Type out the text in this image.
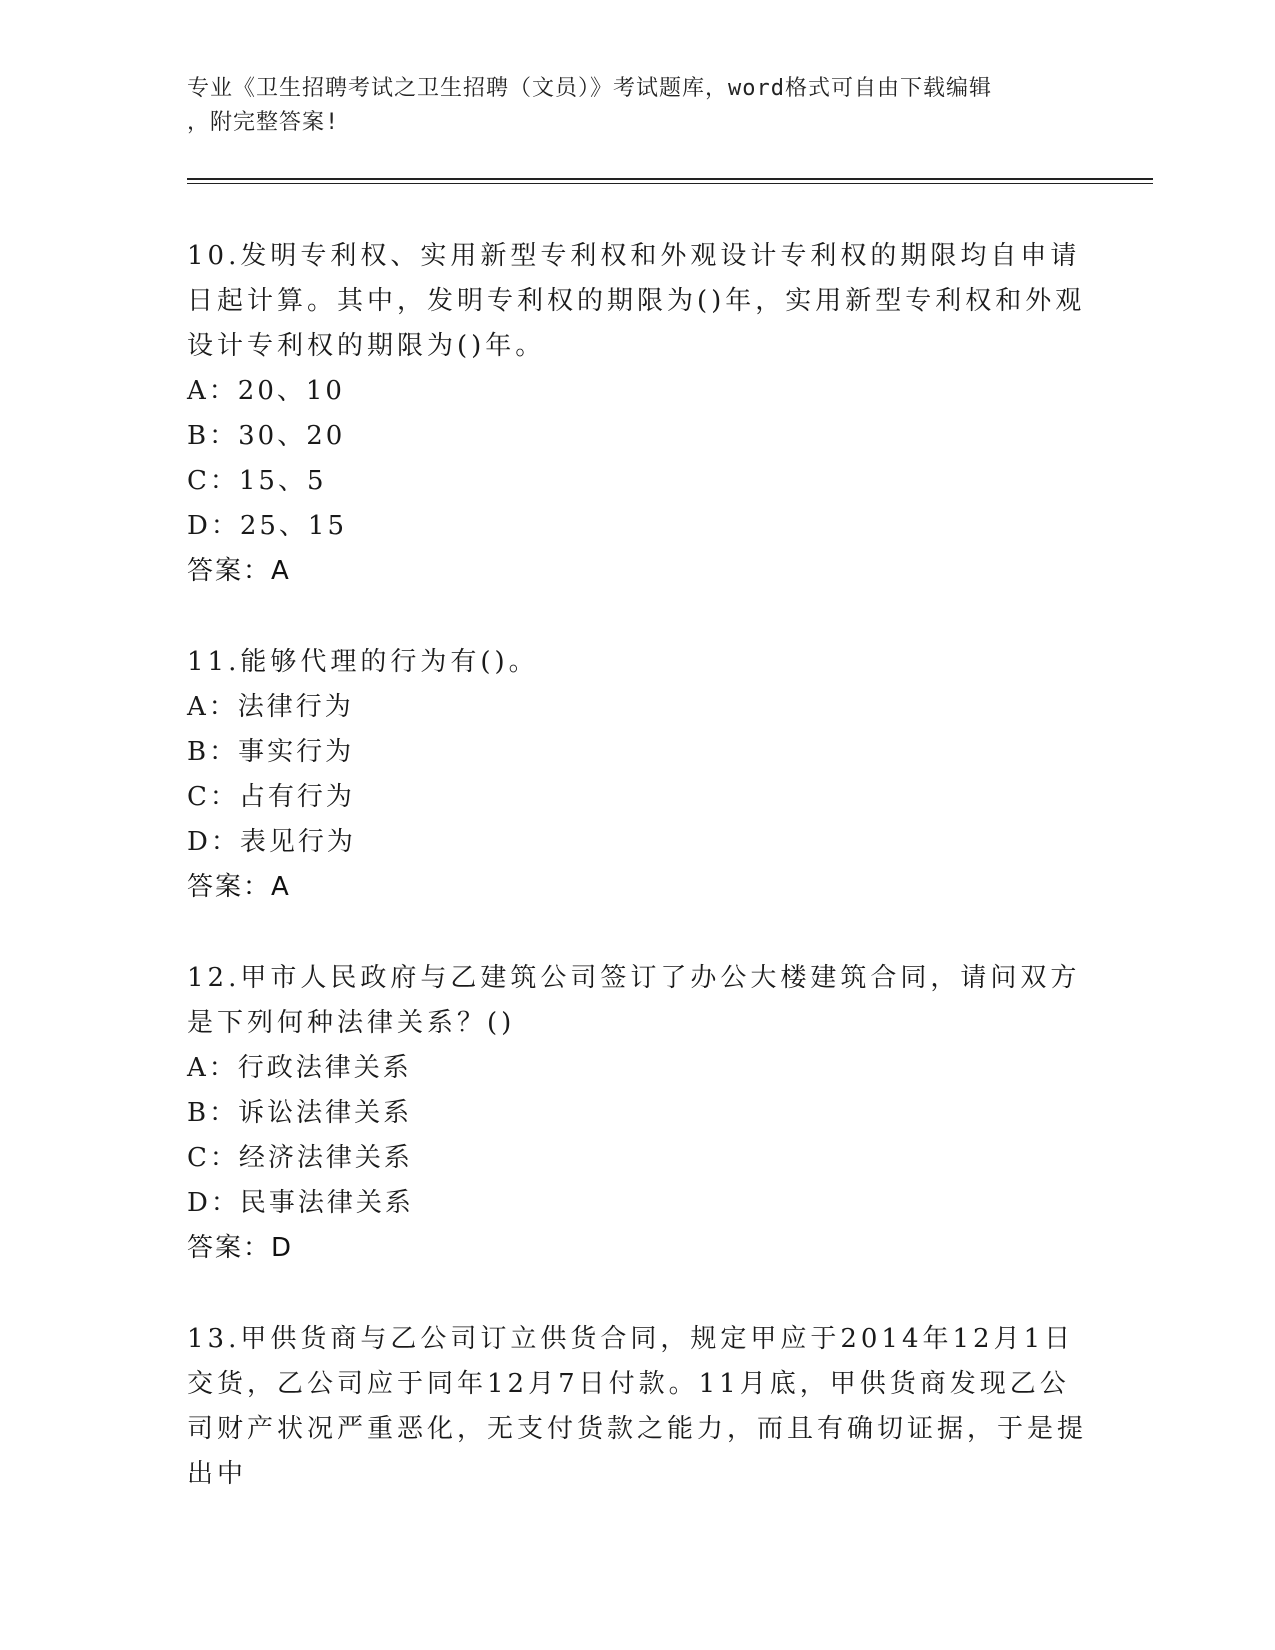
专业《卫生招聘考试之卫生招聘（文员）》考试题库，word格式可自由下载编辑
，附完整答案!

10.发明专利权、实用新型专利权和外观设计专利权的期限均自申请日起计算。其中，发明专利权的期限为()年，实用新型专利权和外观设计专利权的期限为()年。

A：20、10

B：30、20

C：15、5

D：25、15

答案：A

11.能够代理的行为有()。

A：法律行为

B：事实行为

C：占有行为

D：表见行为

答案：A

12.甲市人民政府与乙建筑公司签订了办公大楼建筑合同，请问双方是下列何种法律关系？()

A：行政法律关系

B：诉讼法律关系

C：经济法律关系

D：民事法律关系

答案：D

13.甲供货商与乙公司订立供货合同，规定甲应于2014年12月1日交货，乙公司应于同年12月7日付款。11月底，甲供货商发现乙公司财产状况严重恶化，无支付货款之能力，而且有确切证据，于是提出中
